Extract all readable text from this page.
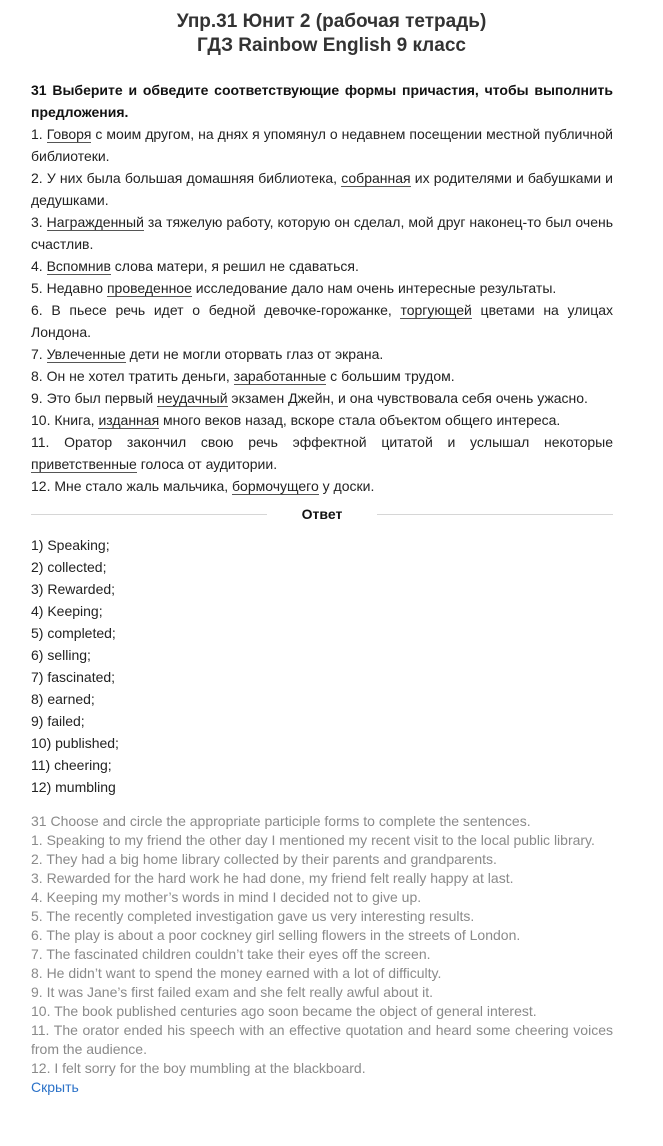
Упр.31 Юнит 2 (рабочая тетрадь)
ГДЗ Rainbow English 9 класс
31 Выберите и обведите соответствующие формы причастия, чтобы выполнить предложения.

1. Говоря с моим другом, на днях я упомянул о недавнем посещении местной публичной библиотеки.

2. У них была большая домашняя библиотека, собранная их родителями и бабушками и дедушками.

3. Награжденный за тяжелую работу, которую он сделал, мой друг наконец-то был очень счастлив.

4. Вспомнив слова матери, я решил не сдаваться.

5. Недавно проведенное исследование дало нам очень интересные результаты.

6. В пьесе речь идет о бедной девочке-горожанке, торгующей цветами на улицах Лондона.

7. Увлеченные дети не могли оторвать глаз от экрана.

8. Он не хотел тратить деньги, заработанные с большим трудом.

9. Это был первый неудачный экзамен Джейн, и она чувствовала себя очень ужасно.

10. Книга, изданная много веков назад, вскоре стала объектом общего интереса.

11. Оратор закончил свою речь эффектной цитатой и услышал некоторые приветственные голоса от аудитории.

12. Мне стало жаль мальчика, бормочущего у доски.

Ответ
1) Speaking;
2) collected;
3) Rewarded;
4) Keeping;
5) completed;
6) selling;
7) fascinated;
8) earned;
9) failed;
10) published;
11) cheering;
12) mumbling

31 Choose and circle the appropriate participle forms to complete the sentences.

1. Speaking to my friend the other day I mentioned my recent visit to the local public library.

2. They had a big home library collected by their parents and grandparents.

3. Rewarded for the hard work he had done, my friend felt really happy at last.

4. Keeping my mother’s words in mind I decided not to give up.

5. The recently completed investigation gave us very interesting results.

6. The play is about a poor cockney girl selling flowers in the streets of London.

7. The fascinated children couldn’t take their eyes off the screen.

8. He didn’t want to spend the money earned with a lot of difficulty.

9. It was Jane’s first failed exam and she felt really awful about it.

10. The book published centuries ago soon became the object of general interest.

11. The orator ended his speech with an effective quotation and heard some cheering voices from the audience.

12. I felt sorry for the boy mumbling at the blackboard.

Скрыть
